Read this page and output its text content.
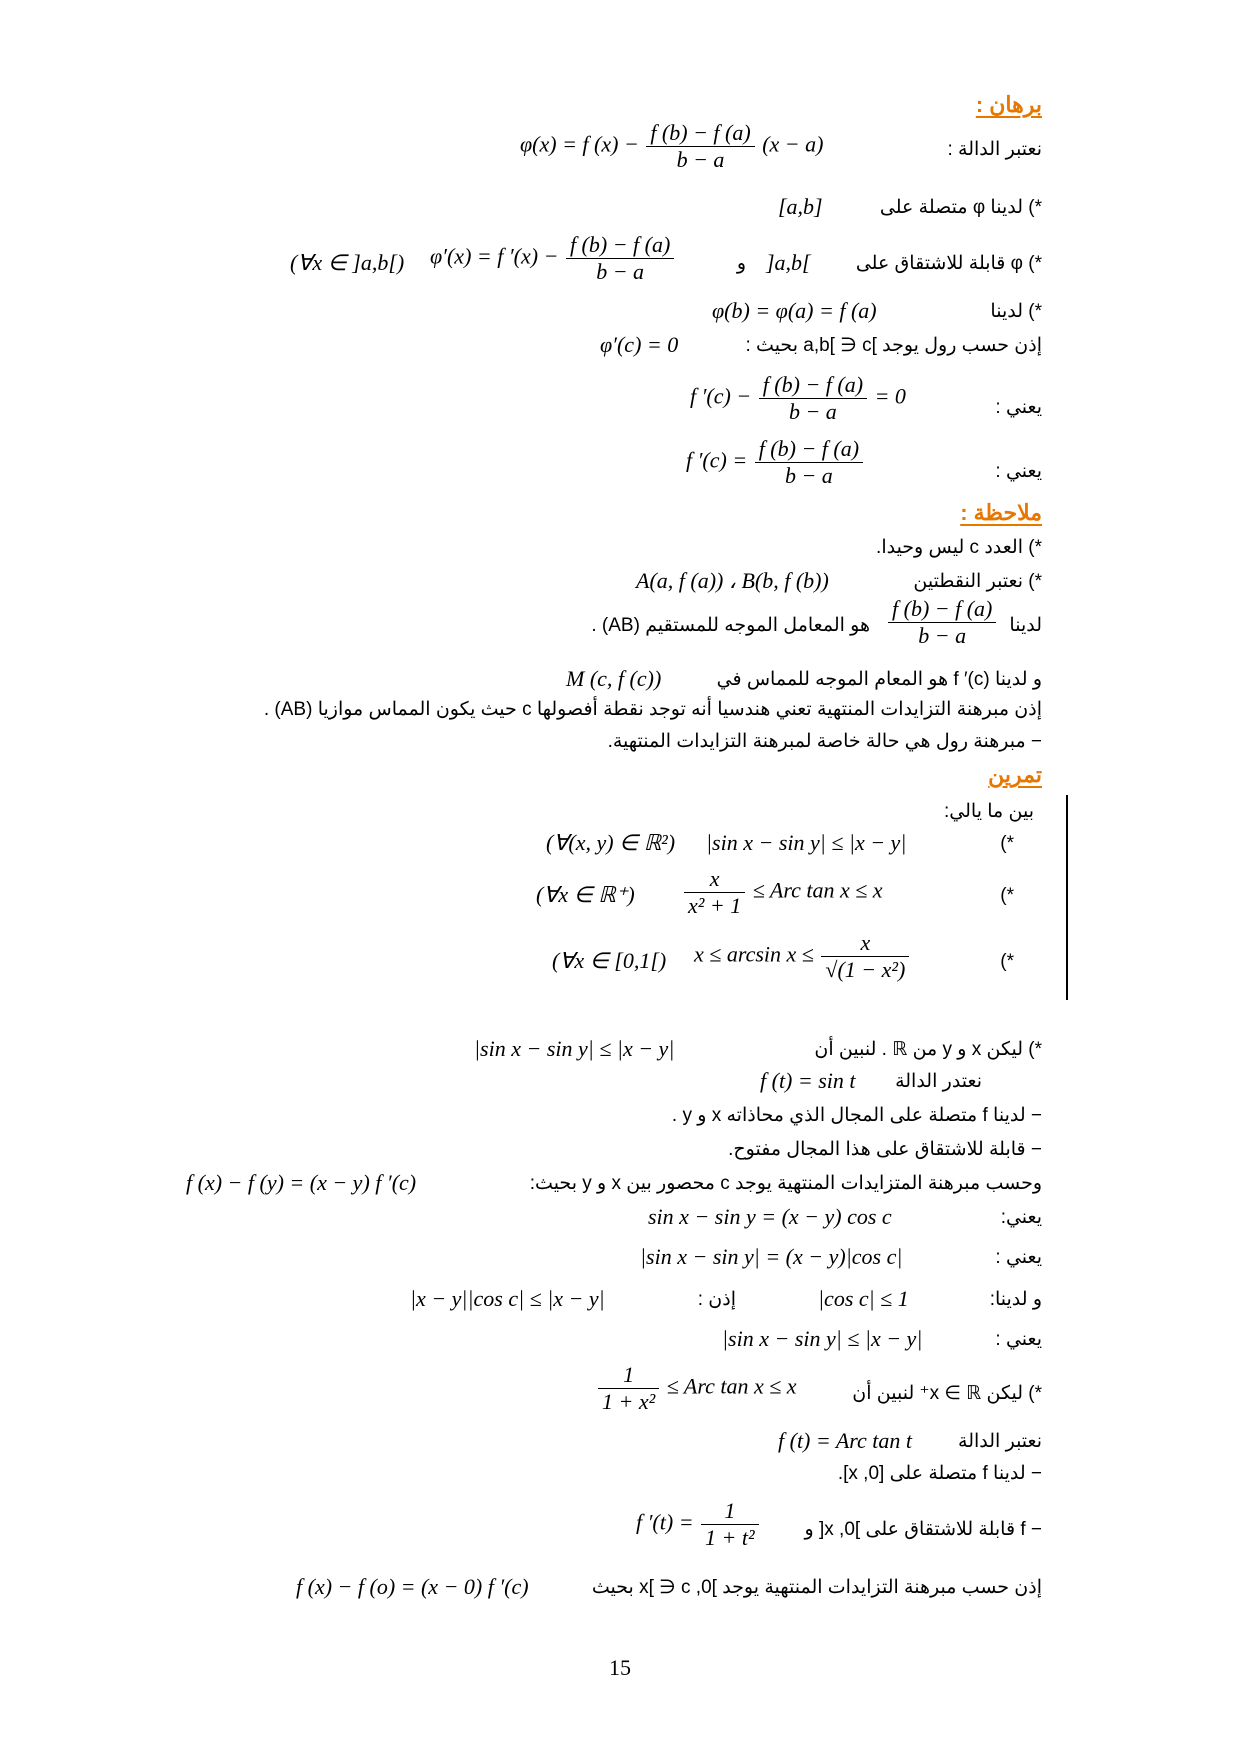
برهان :
نعتبر الدالة :
φ(x) = f $(x) - \frac{f (b) - f (a)}{b - a} (x - a)$
*) لدينا φ متصلة على
[a,b]
*) φ قابلة للاشتقاق على
]a,b[
و
φ′(x) = f $'(x) - \frac{f (b) - f (a)}{b - a}$
(∀x ∈ ]a,b[)
*) لدينا
φ(b) = φ(a) = f (a)
إذن حسب رول يوجد ]a,b[ ∋ c بحيث :
φ′(c) = 0
يعني :
f $'(c) - \frac{f (b) - f (a)}{b - a} = 0$
يعني :
f $'(c) = \frac{f (b) - f (a)}{b - a}$
ملاحظة :
*) العدد c ليس وحيدا.
*) نعتبر النقطتين
A(a, f (a)) ، B(b, f (b))
لدينا
$\frac{f (b) - f (a)}{b - a}$
هو المعامل الموجه للمستقيم (AB) .
و لدينا f ′(c) هو المعام الموجه للمماس في
M (c, f (c))
إذن مبرهنة التزايدات المنتهية تعني هندسيا أنه توجد نقطة أفصولها c حيث يكون المماس موازيا (AB) .
− مبرهنة رول هي حالة خاصة لمبرهنة التزايدات المنتهية.
تمرين
بين ما يالي:
*)
|sin x − sin y| ≤ |x − y|
(∀(x, y) ∈ ℝ²)
*)
$\frac{x}{\text{x² + 1}}$ ≤ Arc tan x ≤ x
(∀x ∈ ℝ⁺)
*)
$x \le \arcsin x \le \frac{x}{\text{√(1 − x²)}}$
(∀x ∈ [0,1[)
*) ليكن x و y من ℝ . لنبين أن
|sin x − sin y| ≤ |x − y|
نعتدر الدالة
f (t) = sin t
− لدينا f متصلة على المجال الذي محاذاته x و y .
− قابلة للاشتقاق على هذا المجال مفتوح.
وحسب مبرهنة المتزايدات المنتهية يوجد c محصور بين x و y بحيث:
f (x) − f (y) = (x − y) f ′(c)
يعني:
sin x − sin y = (x − y) cos c
يعني :
|sin x − sin y| = (x − y)|cos c|
و لدينا:
|cos c| ≤ 1
إذن :
|x − y||cos c| ≤ |x − y|
يعني :
|sin x − sin y| ≤ |x − y|
*) ليكن x ∈ ℝ⁺ لنبين أن
$\frac{1}{\text{1 + x²}}$ ≤ Arc tan x ≤ x
نعتبر الدالة
f (t) = Arc tan t
− لدينا f متصلة على [0, x].
− f قابلة للاشتقاق على ]0, x[ و
f $'(t) = \frac{1}{\text{1 + t²}}$
إذن حسب مبرهنة التزايدات المنتهية يوجد ]0, x[ ∋ c بحيث
f (x) − f (o) = (x − 0) f ′(c)
15
